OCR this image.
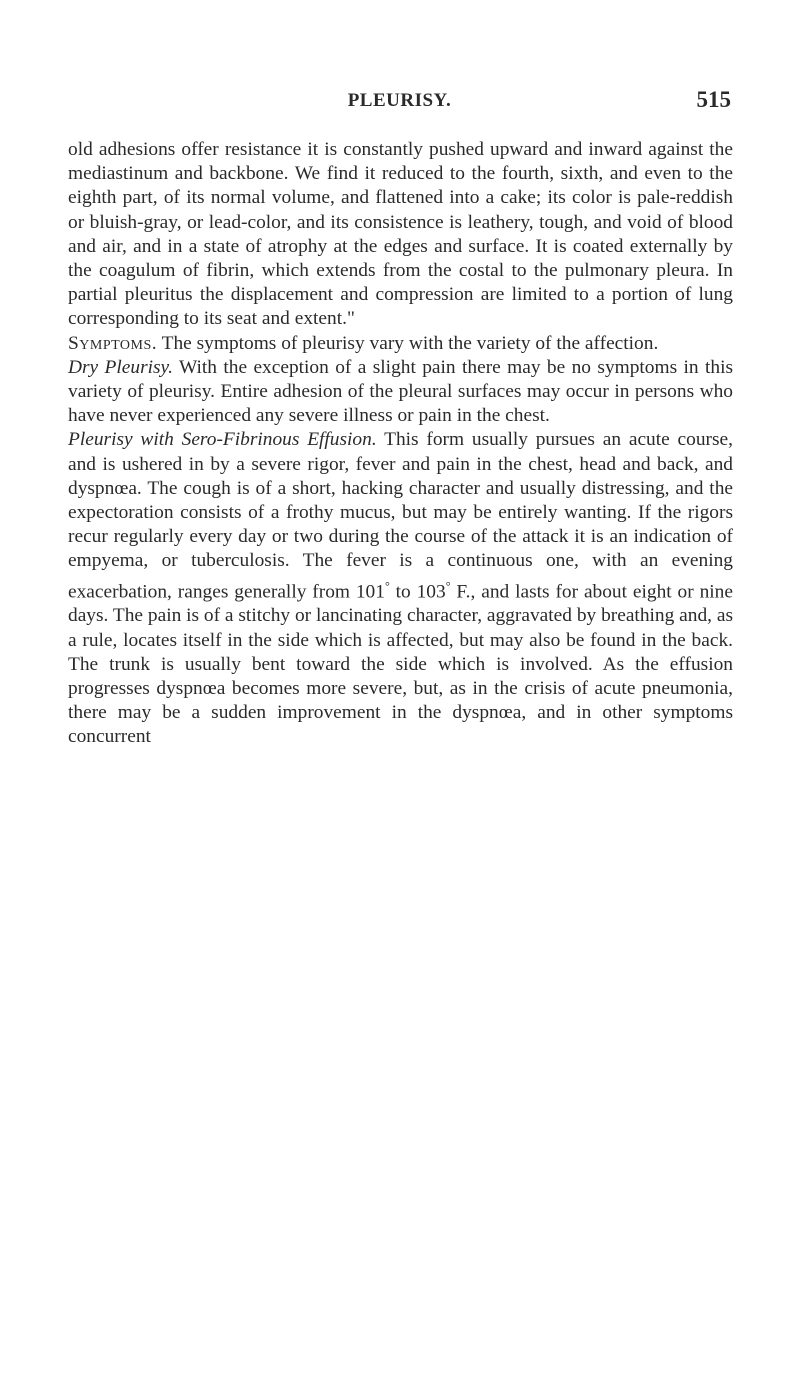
PLEURISY.	515

old adhesions offer resistance it is constantly pushed upward and inward against the mediastinum and backbone. We find it reduced to the fourth, sixth, and even to the eighth part, of its normal volume, and flattened into a cake; its color is pale-reddish or bluish-gray, or lead-color, and its consistence is leathery, tough, and void of blood and air, and in a state of atrophy at the edges and surface. It is coated externally by the coagulum of fibrin, which extends from the costal to the pulmonary pleura. In partial pleuritus the displacement and compression are limited to a portion of lung corresponding to its seat and extent."

Symptoms. The symptoms of pleurisy vary with the variety of the affection.

Dry Pleurisy. With the exception of a slight pain there may be no symptoms in this variety of pleurisy. Entire adhesion of the pleural surfaces may occur in persons who have never experienced any severe illness or pain in the chest.

Pleurisy with Sero-Fibrinous Effusion. This form usually pursues an acute course, and is ushered in by a severe rigor, fever and pain in the chest, head and back, and dyspnœa. The cough is of a short, hacking character and usually distressing, and the expectoration consists of a frothy mucus, but may be entirely wanting. If the rigors recur regularly every day or two during the course of the attack it is an indication of empyema, or tuberculosis. The fever is a continuous one, with an evening exacerbation, ranges generally from 101° to 103° F., and lasts for about eight or nine days. The pain is of a stitchy or lancinating character, aggravated by breathing and, as a rule, locates itself in the side which is affected, but may also be found in the back. The trunk is usually bent toward the side which is involved. As the effusion progresses dyspnœa becomes more severe, but, as in the crisis of acute pneumonia, there may be a sudden improvement in the dyspnœa, and in other symptoms concurrent
